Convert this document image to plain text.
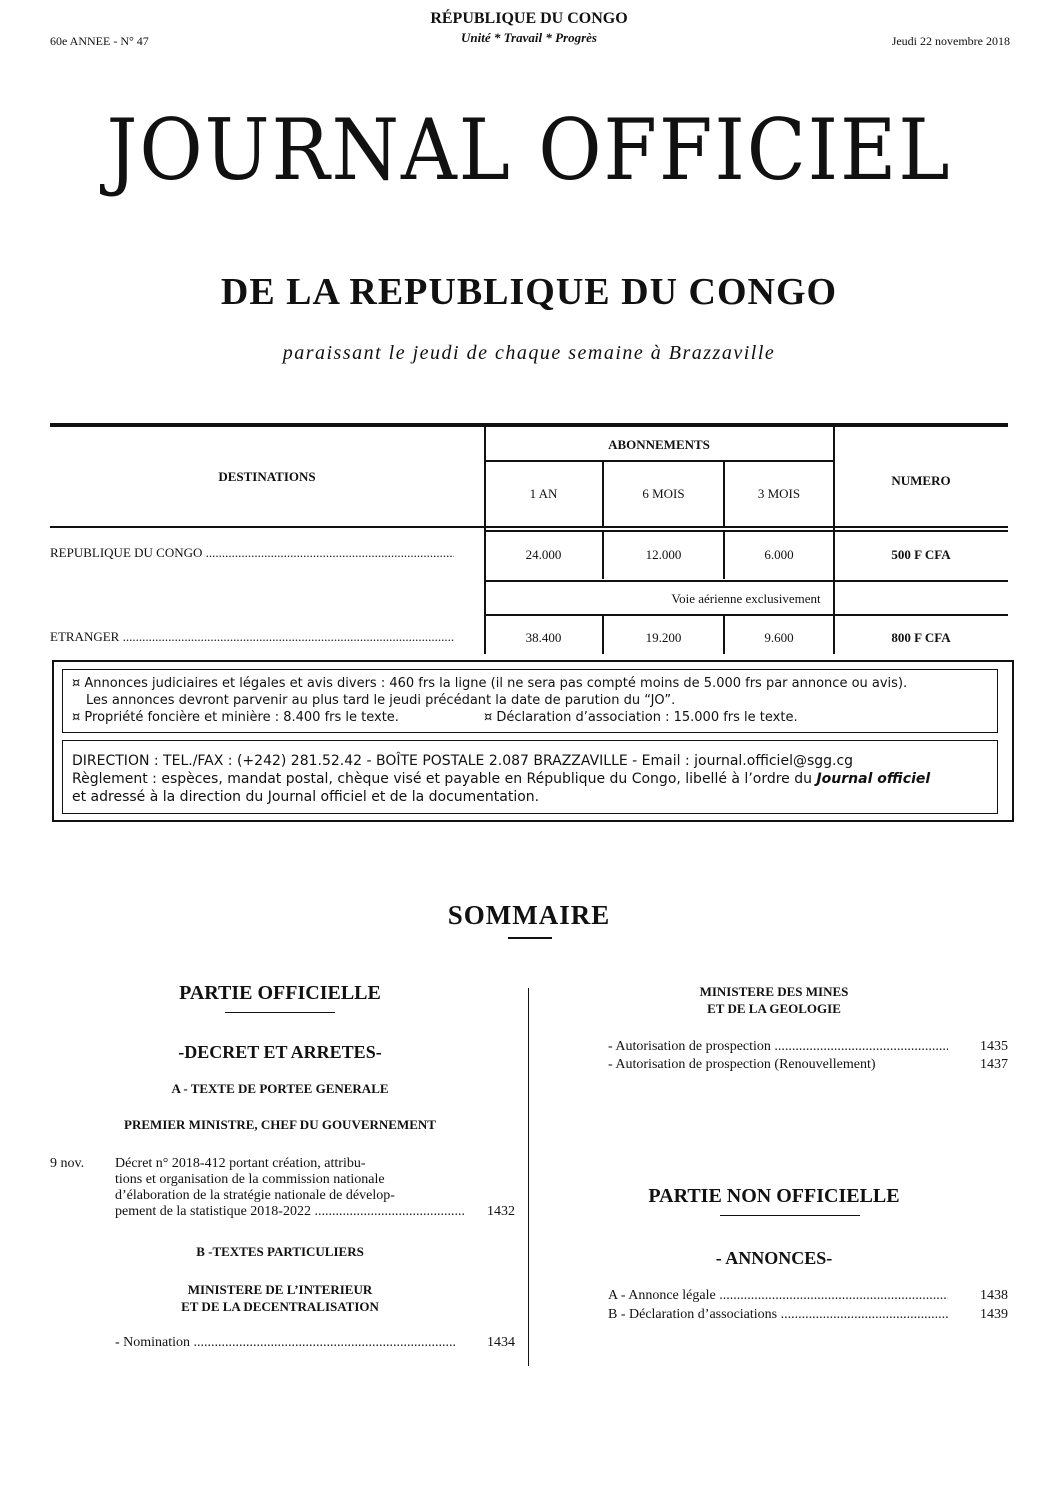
60e ANNEE - N° 47
RÉPUBLIQUE DU CONGO
Unité * Travail * Progrès	Jeudi 22 novembre 2018
JOURNAL OFFICIEL
DE LA REPUBLIQUE DU CONGO
paraissant le jeudi de chaque semaine à Brazzaville
DESTINATIONS
ABONNEMENTS
NUMERO
1 AN	6 MOIS	3 MOIS
REPUBLIQUE DU CONGO .....	24.000	12.000	6.000	500 F CFA
Voie aérienne exclusivement
ETRANGER .....	38.400	19.200	9.600	800 F CFA
¤ Annonces judiciaires et légales et avis divers : 460 frs la ligne (il ne sera pas compté moins de 5.000 frs par annonce ou avis).
Les annonces devront parvenir au plus tard le jeudi précédant la date de parution du “JO”.
¤ Propriété foncière et minière : 8.400 frs le texte.	¤ Déclaration d’association : 15.000 frs le texte.
DIRECTION : TEL./FAX : (+242) 281.52.42 - BOÎTE POSTALE 2.087 BRAZZAVILLE - Email : journal.officiel@sgg.cg
Règlement : espèces, mandat postal, chèque visé et payable en République du Congo, libellé à l’ordre du Journal officiel
et adressé à la direction du Journal officiel et de la documentation.
SOMMAIRE
PARTIE OFFICIELLE
-DECRET ET ARRETES-
A - TEXTE DE PORTEE GENERALE
PREMIER MINISTRE, CHEF DU GOUVERNEMENT
9 nov. Décret n° 2018-412 portant création, attribu-
tions et organisation de la commission nationale
d’élaboration de la stratégie nationale de dévelop-
pement de la statistique 2018-2022 .....	1432
B -TEXTES PARTICULIERS
MINISTERE DE L’INTERIEUR
ET DE LA DECENTRALISATION
- Nomination .....	1434
MINISTERE DES MINES
ET DE LA GEOLOGIE
- Autorisation de prospection .....	1435
- Autorisation de prospection (Renouvellement)	1437
PARTIE NON OFFICIELLE
- ANNONCES-
A - Annonce légale .....	1438
B - Déclaration d’associations .....	1439
